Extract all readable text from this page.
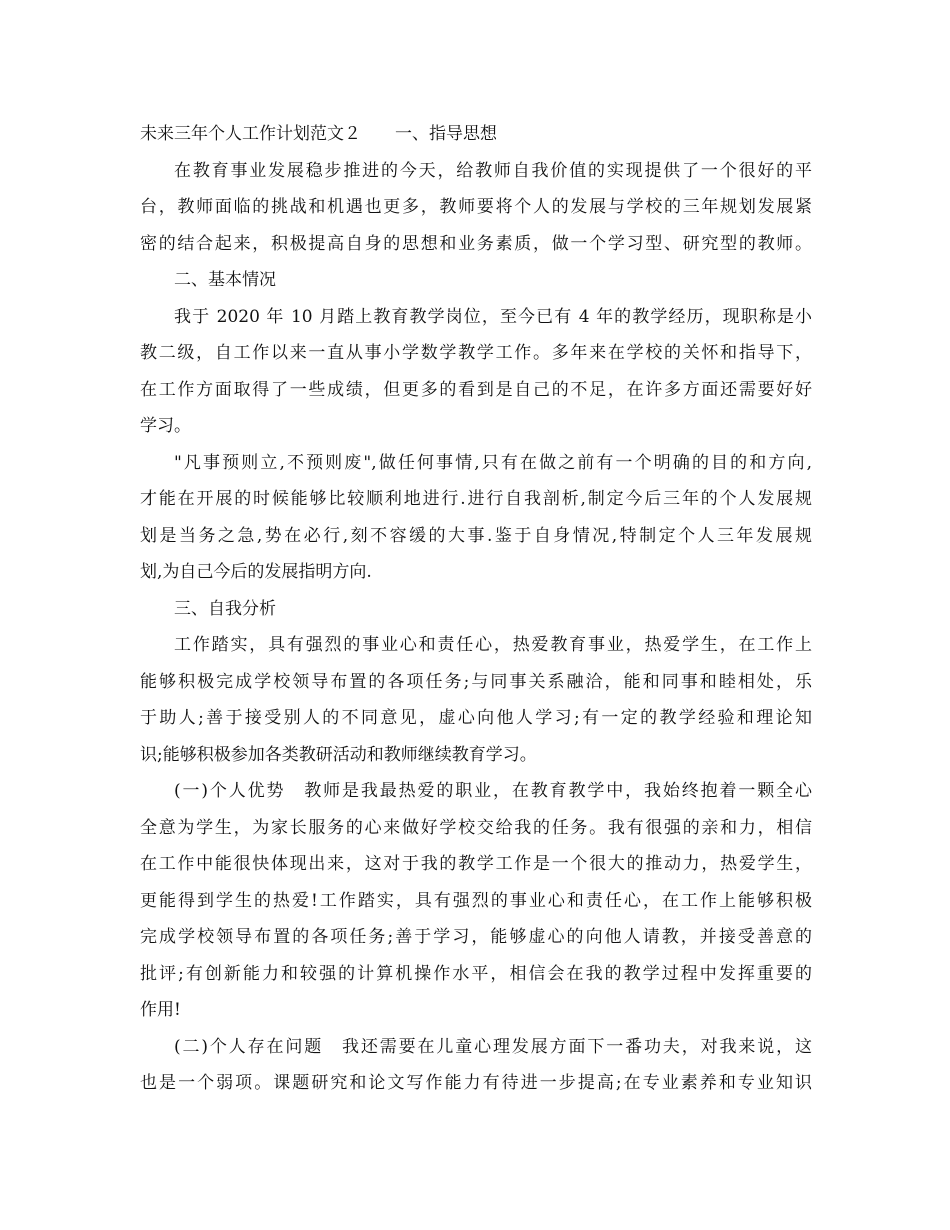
未来三年个人工作计划范文２　　一、指导思想
在教育事业发展稳步推进的今天，给教师自我价值的实现提供了一个很好的平
台，教师面临的挑战和机遇也更多，教师要将个人的发展与学校的三年规划发展紧
密的结合起来，积极提高自身的思想和业务素质，做一个学习型、研究型的教师。
二、基本情况
我于 2020 年 10 月踏上教育教学岗位，至今已有 4 年的教学经历，现职称是小
教二级，自工作以来一直从事小学数学教学工作。多年来在学校的关怀和指导下，
在工作方面取得了一些成绩，但更多的看到是自己的不足，在许多方面还需要好好
学习。
"凡事预则立,不预则废",做任何事情,只有在做之前有一个明确的目的和方向,
才能在开展的时候能够比较顺利地进行.进行自我剖析,制定今后三年的个人发展规
划是当务之急,势在必行,刻不容缓的大事.鉴于自身情况,特制定个人三年发展规
划,为自己今后的发展指明方向.
三、自我分析
工作踏实，具有强烈的事业心和责任心，热爱教育事业，热爱学生，在工作上
能够积极完成学校领导布置的各项任务;与同事关系融洽，能和同事和睦相处，乐
于助人;善于接受别人的不同意见，虚心向他人学习;有一定的教学经验和理论知
识;能够积极参加各类教研活动和教师继续教育学习。
(一)个人优势　教师是我最热爱的职业，在教育教学中，我始终抱着一颗全心
全意为学生，为家长服务的心来做好学校交给我的任务。我有很强的亲和力，相信
在工作中能很快体现出来，这对于我的教学工作是一个很大的推动力，热爱学生，
更能得到学生的热爱!工作踏实，具有强烈的事业心和责任心，在工作上能够积极
完成学校领导布置的各项任务;善于学习，能够虚心的向他人请教，并接受善意的
批评;有创新能力和较强的计算机操作水平，相信会在我的教学过程中发挥重要的
作用!
(二)个人存在问题　我还需要在儿童心理发展方面下一番功夫，对我来说，这
也是一个弱项。课题研究和论文写作能力有待进一步提高;在专业素养和专业知识
